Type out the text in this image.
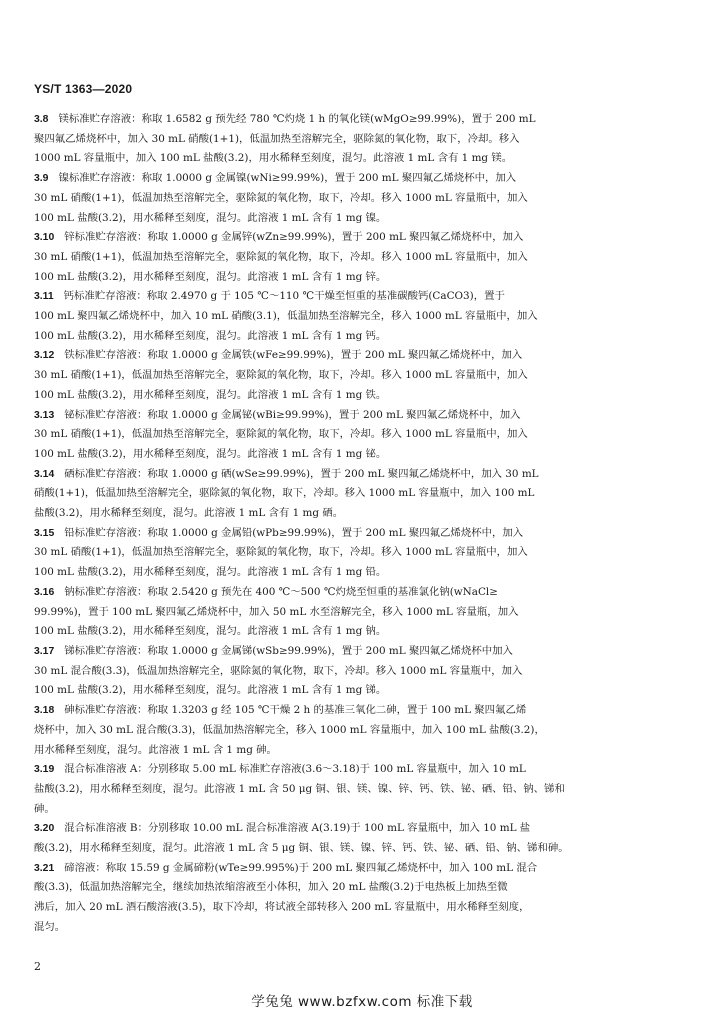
YS/T 1363—2020
3.8 镁标准贮存溶液：称取 1.6582 g 预先经 780 ℃灼烧 1 h 的氧化镁(wMgO≥99.99%)，置于 200 mL
聚四氟乙烯烧杯中，加入 30 mL 硝酸(1+1)，低温加热至溶解完全，驱除氮的氧化物，取下，冷却。移入
1000 mL 容量瓶中，加入 100 mL 盐酸(3.2)，用水稀释至刻度，混匀。此溶液 1 mL 含有 1 mg 镁。
3.9 镍标准贮存溶液：称取 1.0000 g 金属镍(wNi≥99.99%)，置于 200 mL 聚四氟乙烯烧杯中，加入
30 mL 硝酸(1+1)，低温加热至溶解完全，驱除氮的氧化物，取下，冷却。移入 1000 mL 容量瓶中，加入
100 mL 盐酸(3.2)，用水稀释至刻度，混匀。此溶液 1 mL 含有 1 mg 镍。
3.10 锌标准贮存溶液：称取 1.0000 g 金属锌(wZn≥99.99%)，置于 200 mL 聚四氟乙烯烧杯中，加入
30 mL 硝酸(1+1)，低温加热至溶解完全，驱除氮的氧化物，取下，冷却。移入 1000 mL 容量瓶中，加入
100 mL 盐酸(3.2)，用水稀释至刻度，混匀。此溶液 1 mL 含有 1 mg 锌。
3.11 钙标准贮存溶液：称取 2.4970 g 于 105 ℃～110 ℃干燥至恒重的基准碳酸钙(CaCO3)，置于
100 mL 聚四氟乙烯烧杯中，加入 10 mL 硝酸(3.1)，低温加热至溶解完全，移入 1000 mL 容量瓶中，加入
100 mL 盐酸(3.2)，用水稀释至刻度，混匀。此溶液 1 mL 含有 1 mg 钙。
3.12 铁标准贮存溶液：称取 1.0000 g 金属铁(wFe≥99.99%)，置于 200 mL 聚四氟乙烯烧杯中，加入
30 mL 硝酸(1+1)，低温加热至溶解完全，驱除氮的氧化物，取下，冷却。移入 1000 mL 容量瓶中，加入
100 mL 盐酸(3.2)，用水稀释至刻度，混匀。此溶液 1 mL 含有 1 mg 铁。
3.13 铋标准贮存溶液：称取 1.0000 g 金属铋(wBi≥99.99%)，置于 200 mL 聚四氟乙烯烧杯中，加入
30 mL 硝酸(1+1)，低温加热至溶解完全，驱除氮的氧化物，取下，冷却。移入 1000 mL 容量瓶中，加入
100 mL 盐酸(3.2)，用水稀释至刻度，混匀。此溶液 1 mL 含有 1 mg 铋。
3.14 硒标准贮存溶液：称取 1.0000 g 硒(wSe≥99.99%)，置于 200 mL 聚四氟乙烯烧杯中，加入 30 mL
硝酸(1+1)，低温加热至溶解完全，驱除氮的氧化物，取下，冷却。移入 1000 mL 容量瓶中，加入 100 mL
盐酸(3.2)，用水稀释至刻度，混匀。此溶液 1 mL 含有 1 mg 硒。
3.15 铅标准贮存溶液：称取 1.0000 g 金属铅(wPb≥99.99%)，置于 200 mL 聚四氟乙烯烧杯中，加入
30 mL 硝酸(1+1)，低温加热至溶解完全，驱除氮的氧化物，取下，冷却。移入 1000 mL 容量瓶中，加入
100 mL 盐酸(3.2)，用水稀释至刻度，混匀。此溶液 1 mL 含有 1 mg 铅。
3.16 钠标准贮存溶液：称取 2.5420 g 预先在 400 ℃～500 ℃灼烧至恒重的基准氯化钠(wNaCl≥
99.99%)，置于 100 mL 聚四氟乙烯烧杯中，加入 50 mL 水至溶解完全，移入 1000 mL 容量瓶，加入
100 mL 盐酸(3.2)，用水稀释至刻度，混匀。此溶液 1 mL 含有 1 mg 钠。
3.17 锑标准贮存溶液：称取 1.0000 g 金属锑(wSb≥99.99%)，置于 200 mL 聚四氟乙烯烧杯中加入
30 mL 混合酸(3.3)，低温加热溶解完全，驱除氮的氧化物，取下，冷却。移入 1000 mL 容量瓶中，加入
100 mL 盐酸(3.2)，用水稀释至刻度，混匀。此溶液 1 mL 含有 1 mg 锑。
3.18 砷标准贮存溶液：称取 1.3203 g 经 105 ℃干燥 2 h 的基准三氧化二砷，置于 100 mL 聚四氟乙烯
烧杯中，加入 30 mL 混合酸(3.3)，低温加热溶解完全，移入 1000 mL 容量瓶中，加入 100 mL 盐酸(3.2)，
用水稀释至刻度，混匀。此溶液 1 mL 含 1 mg 砷。
3.19 混合标准溶液 A：分别移取 5.00 mL 标准贮存溶液(3.6～3.18)于 100 mL 容量瓶中，加入 10 mL
盐酸(3.2)，用水稀释至刻度，混匀。此溶液 1 mL 含 50 μg 铜、银、镁、镍、锌、钙、铁、铋、硒、铅、钠、锑和
砷。
3.20 混合标准溶液 B：分别移取 10.00 mL 混合标准溶液 A(3.19)于 100 mL 容量瓶中，加入 10 mL 盐
酸(3.2)，用水稀释至刻度，混匀。此溶液 1 mL 含 5 μg 铜、银、镁、镍、锌、钙、铁、铋、硒、铅、钠、锑和砷。
3.21 碲溶液：称取 15.59 g 金属碲粉(wTe≥99.995%)于 200 mL 聚四氟乙烯烧杯中，加入 100 mL 混合
酸(3.3)，低温加热溶解完全，继续加热浓缩溶液至小体积，加入 20 mL 盐酸(3.2)于电热板上加热至微
沸后，加入 20 mL 酒石酸溶液(3.5)，取下冷却，将试液全部转移入 200 mL 容量瓶中，用水稀释至刻度，
混匀。
2
学兔兔 www.bzfxw.com 标准下载
